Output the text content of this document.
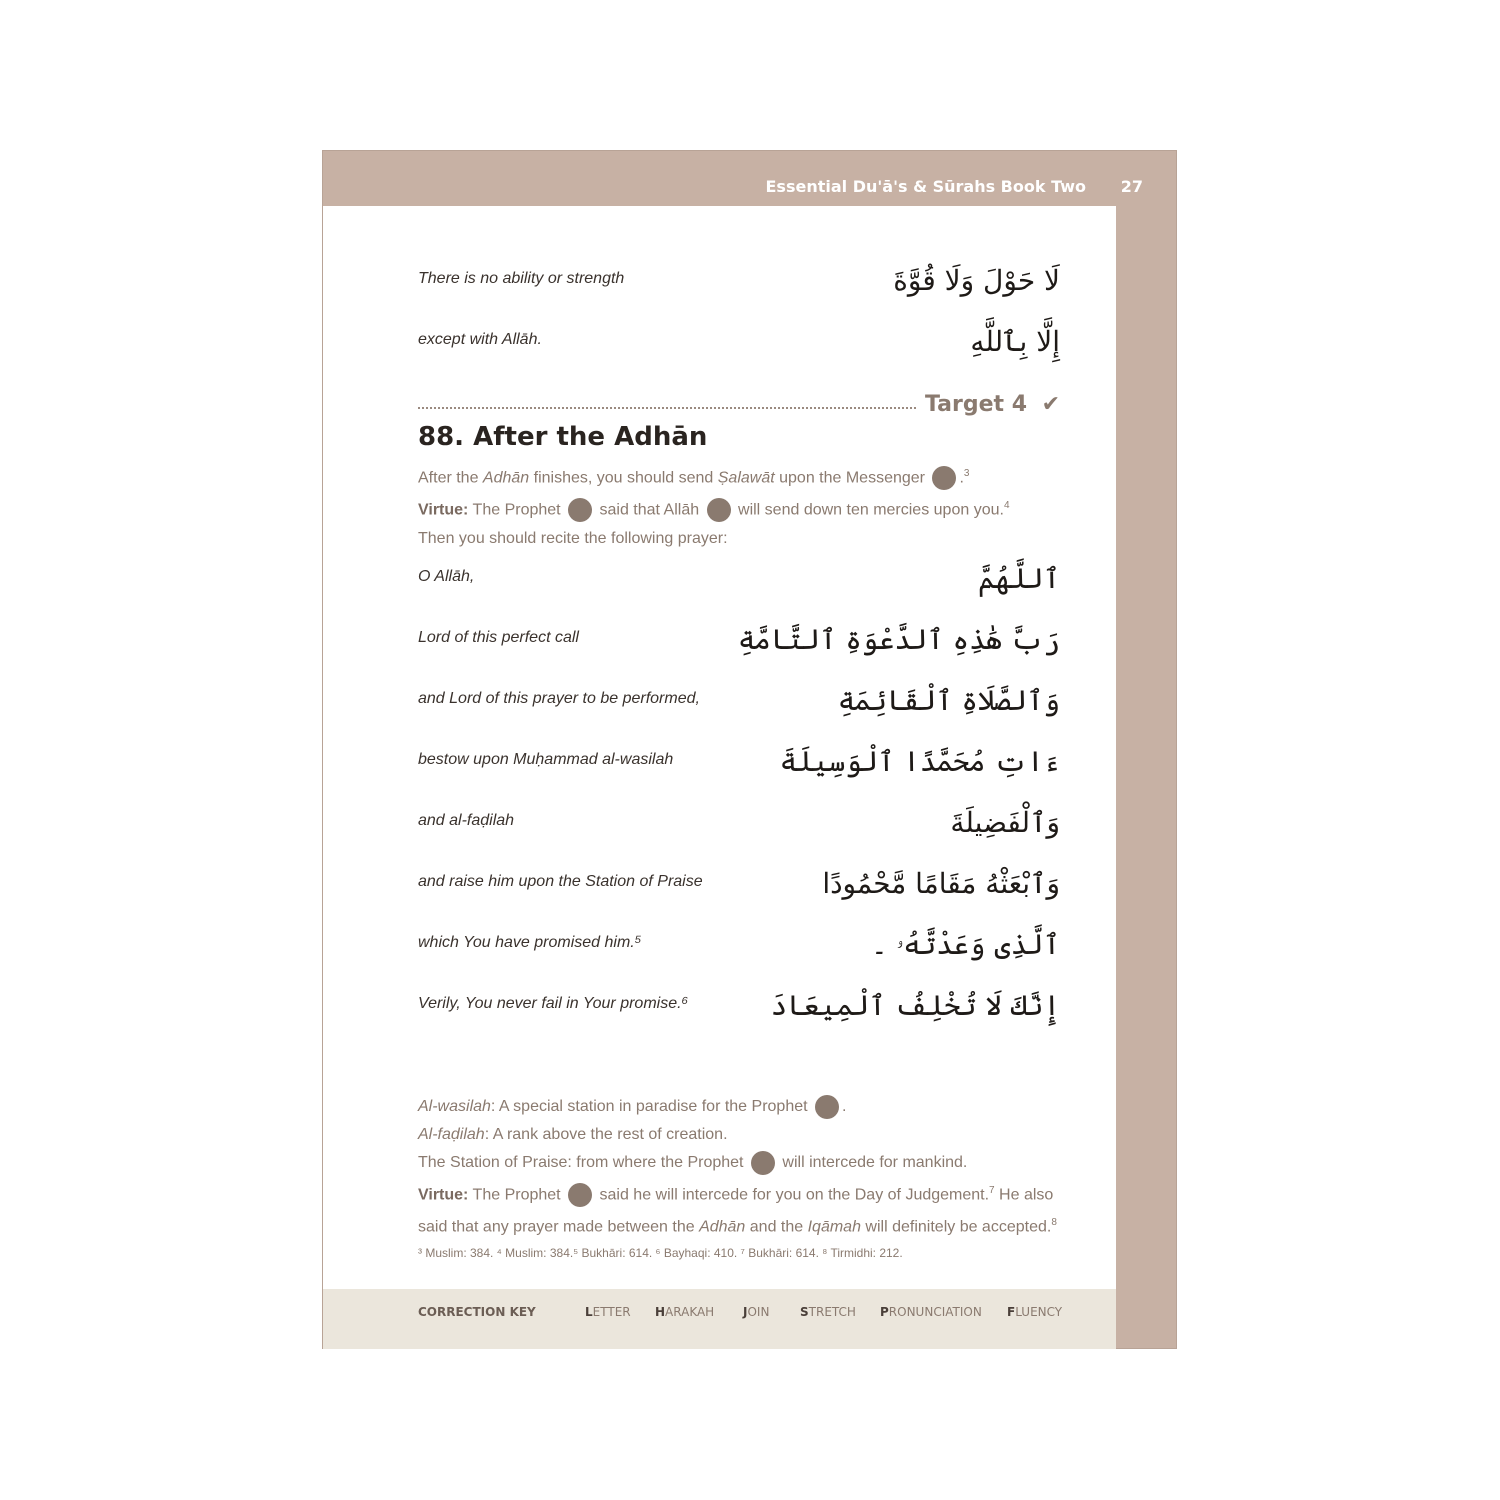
Essential Du'ā's & Sūrahs Book Two 27
There is no ability or strength	لَا حَوْلَ وَلَا قُوَّةَ
except with Allāh.	إِلَّا بِٱللَّهِ
Target 4 ✔
88. After the Adhān
After the Adhān finishes, you should send Ṣalawāt upon the Messenger .$^3$
Virtue: The Prophet  said that Allāh  will send down ten mercies upon you.$^4$
Then you should recite the following prayer:
O Allāh,	ٱللَّهُمَّ
Lord of this perfect call	رَبَّ هَٰذِهِ ٱلدَّعْوَةِ ٱلتَّامَّةِ
and Lord of this prayer to be performed,	وَٱلصَّلَاةِ ٱلْقَائِمَةِ
bestow upon Muḥammad al-wasilah	ءَاتِ مُحَمَّدًا ٱلْوَسِيلَةَ
and al-faḍilah	وَٱلْفَضِيلَةَ
and raise him upon the Station of Praise	وَٱبْعَثْهُ مَقَامًا مَّحْمُودًا
which You have promised him.⁵	ٱلَّذِى وَعَدْتَّهُۥ ۔
Verily, You never fail in Your promise.⁶	إِنَّكَ لَا تُخْلِفُ ٱلْمِيعَادَ
Al-wasilah: A special station in paradise for the Prophet .
Al-faḍilah: A rank above the rest of creation.
The Station of Praise: from where the Prophet  will intercede for mankind.
Virtue: The Prophet  said he will intercede for you on the Day of Judgement.$^7$ He also said that any prayer made between the Adhān and the Iqāmah will definitely be accepted.$^8$
³ Muslim: 384. ⁴ Muslim: 384.⁵ Bukhāri: 614. ⁶ Bayhaqi: 410. ⁷ Bukhāri: 614. ⁸ Tirmidhi: 212.
CORRECTION KEY	LETTER HARAKAH JOIN	STRETCH PRONUNCIATION FLUENCY
